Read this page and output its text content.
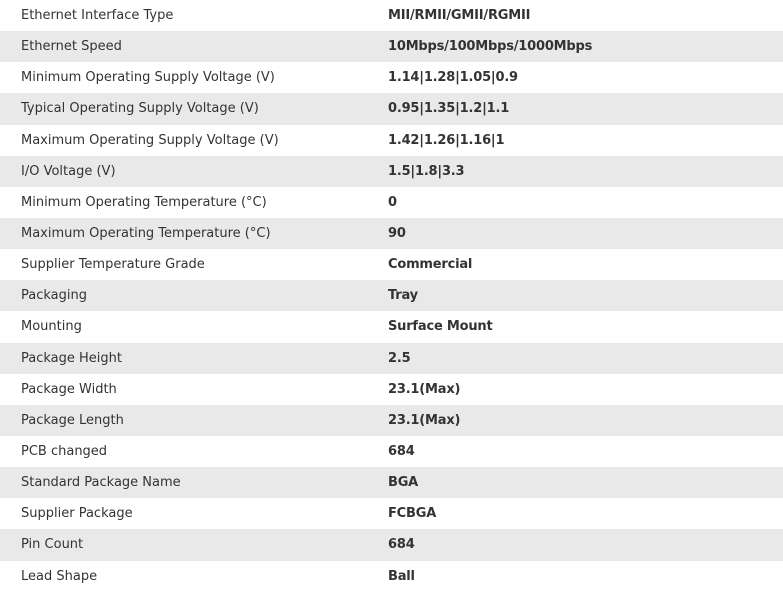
Ethernet Interface Type	MII/RMII/GMII/RGMII
Ethernet Speed	10Mbps/100Mbps/1000Mbps
Minimum Operating Supply Voltage (V)	1.14|1.28|1.05|0.9
Typical Operating Supply Voltage (V)	0.95|1.35|1.2|1.1
Maximum Operating Supply Voltage (V)	1.42|1.26|1.16|1
I/O Voltage (V)	1.5|1.8|3.3
Minimum Operating Temperature (°C)	0
Maximum Operating Temperature (°C)	90
Supplier Temperature Grade	Commercial
Packaging	Tray
Mounting	Surface Mount
Package Height	2.5
Package Width	23.1(Max)
Package Length	23.1(Max)
PCB changed	684
Standard Package Name	BGA
Supplier Package	FCBGA
Pin Count	684
Lead Shape	Ball
